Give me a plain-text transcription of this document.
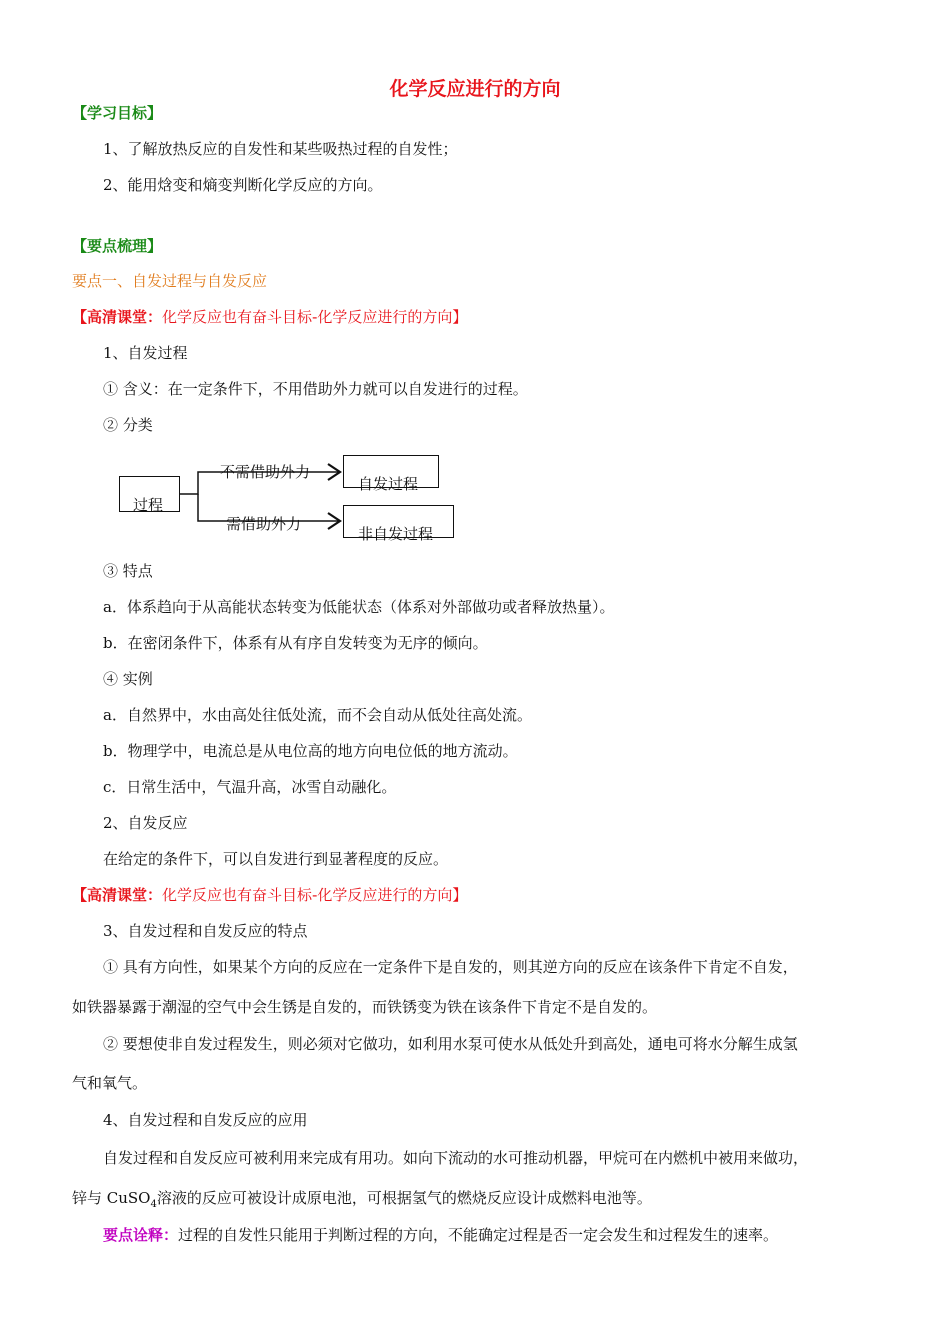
化学反应进行的方向
【学习目标】
1、了解放热反应的自发性和某些吸热过程的自发性；
2、能用焓变和熵变判断化学反应的方向。
【要点梳理】
要点一、自发过程与自发反应
【高清课堂：化学反应也有奋斗目标-化学反应进行的方向】
1、自发过程
① 含义：在一定条件下，不用借助外力就可以自发进行的过程。
② 分类
过程
自发过程
非自发过程
不需借助外力
需借助外力
③ 特点
a．体系趋向于从高能状态转变为低能状态（体系对外部做功或者释放热量）。
b．在密闭条件下，体系有从有序自发转变为无序的倾向。
④ 实例
a．自然界中，水由高处往低处流，而不会自动从低处往高处流。
b．物理学中，电流总是从电位高的地方向电位低的地方流动。
c．日常生活中，气温升高，冰雪自动融化。
2、自发反应
在给定的条件下，可以自发进行到显著程度的反应。
【高清课堂：化学反应也有奋斗目标-化学反应进行的方向】
3、自发过程和自发反应的特点
① 具有方向性，如果某个方向的反应在一定条件下是自发的，则其逆方向的反应在该条件下肯定不自发，
如铁器暴露于潮湿的空气中会生锈是自发的，而铁锈变为铁在该条件下肯定不是自发的。
② 要想使非自发过程发生，则必须对它做功，如利用水泵可使水从低处升到高处，通电可将水分解生成氢
气和氧气。
4、自发过程和自发反应的应用
自发过程和自发反应可被利用来完成有用功。如向下流动的水可推动机器，甲烷可在内燃机中被用来做功，
锌与 CuSO$_4$溶液的反应可被设计成原电池，可根据氢气的燃烧反应设计成燃料电池等。
要点诠释：过程的自发性只能用于判断过程的方向，不能确定过程是否一定会发生和过程发生的速率。
